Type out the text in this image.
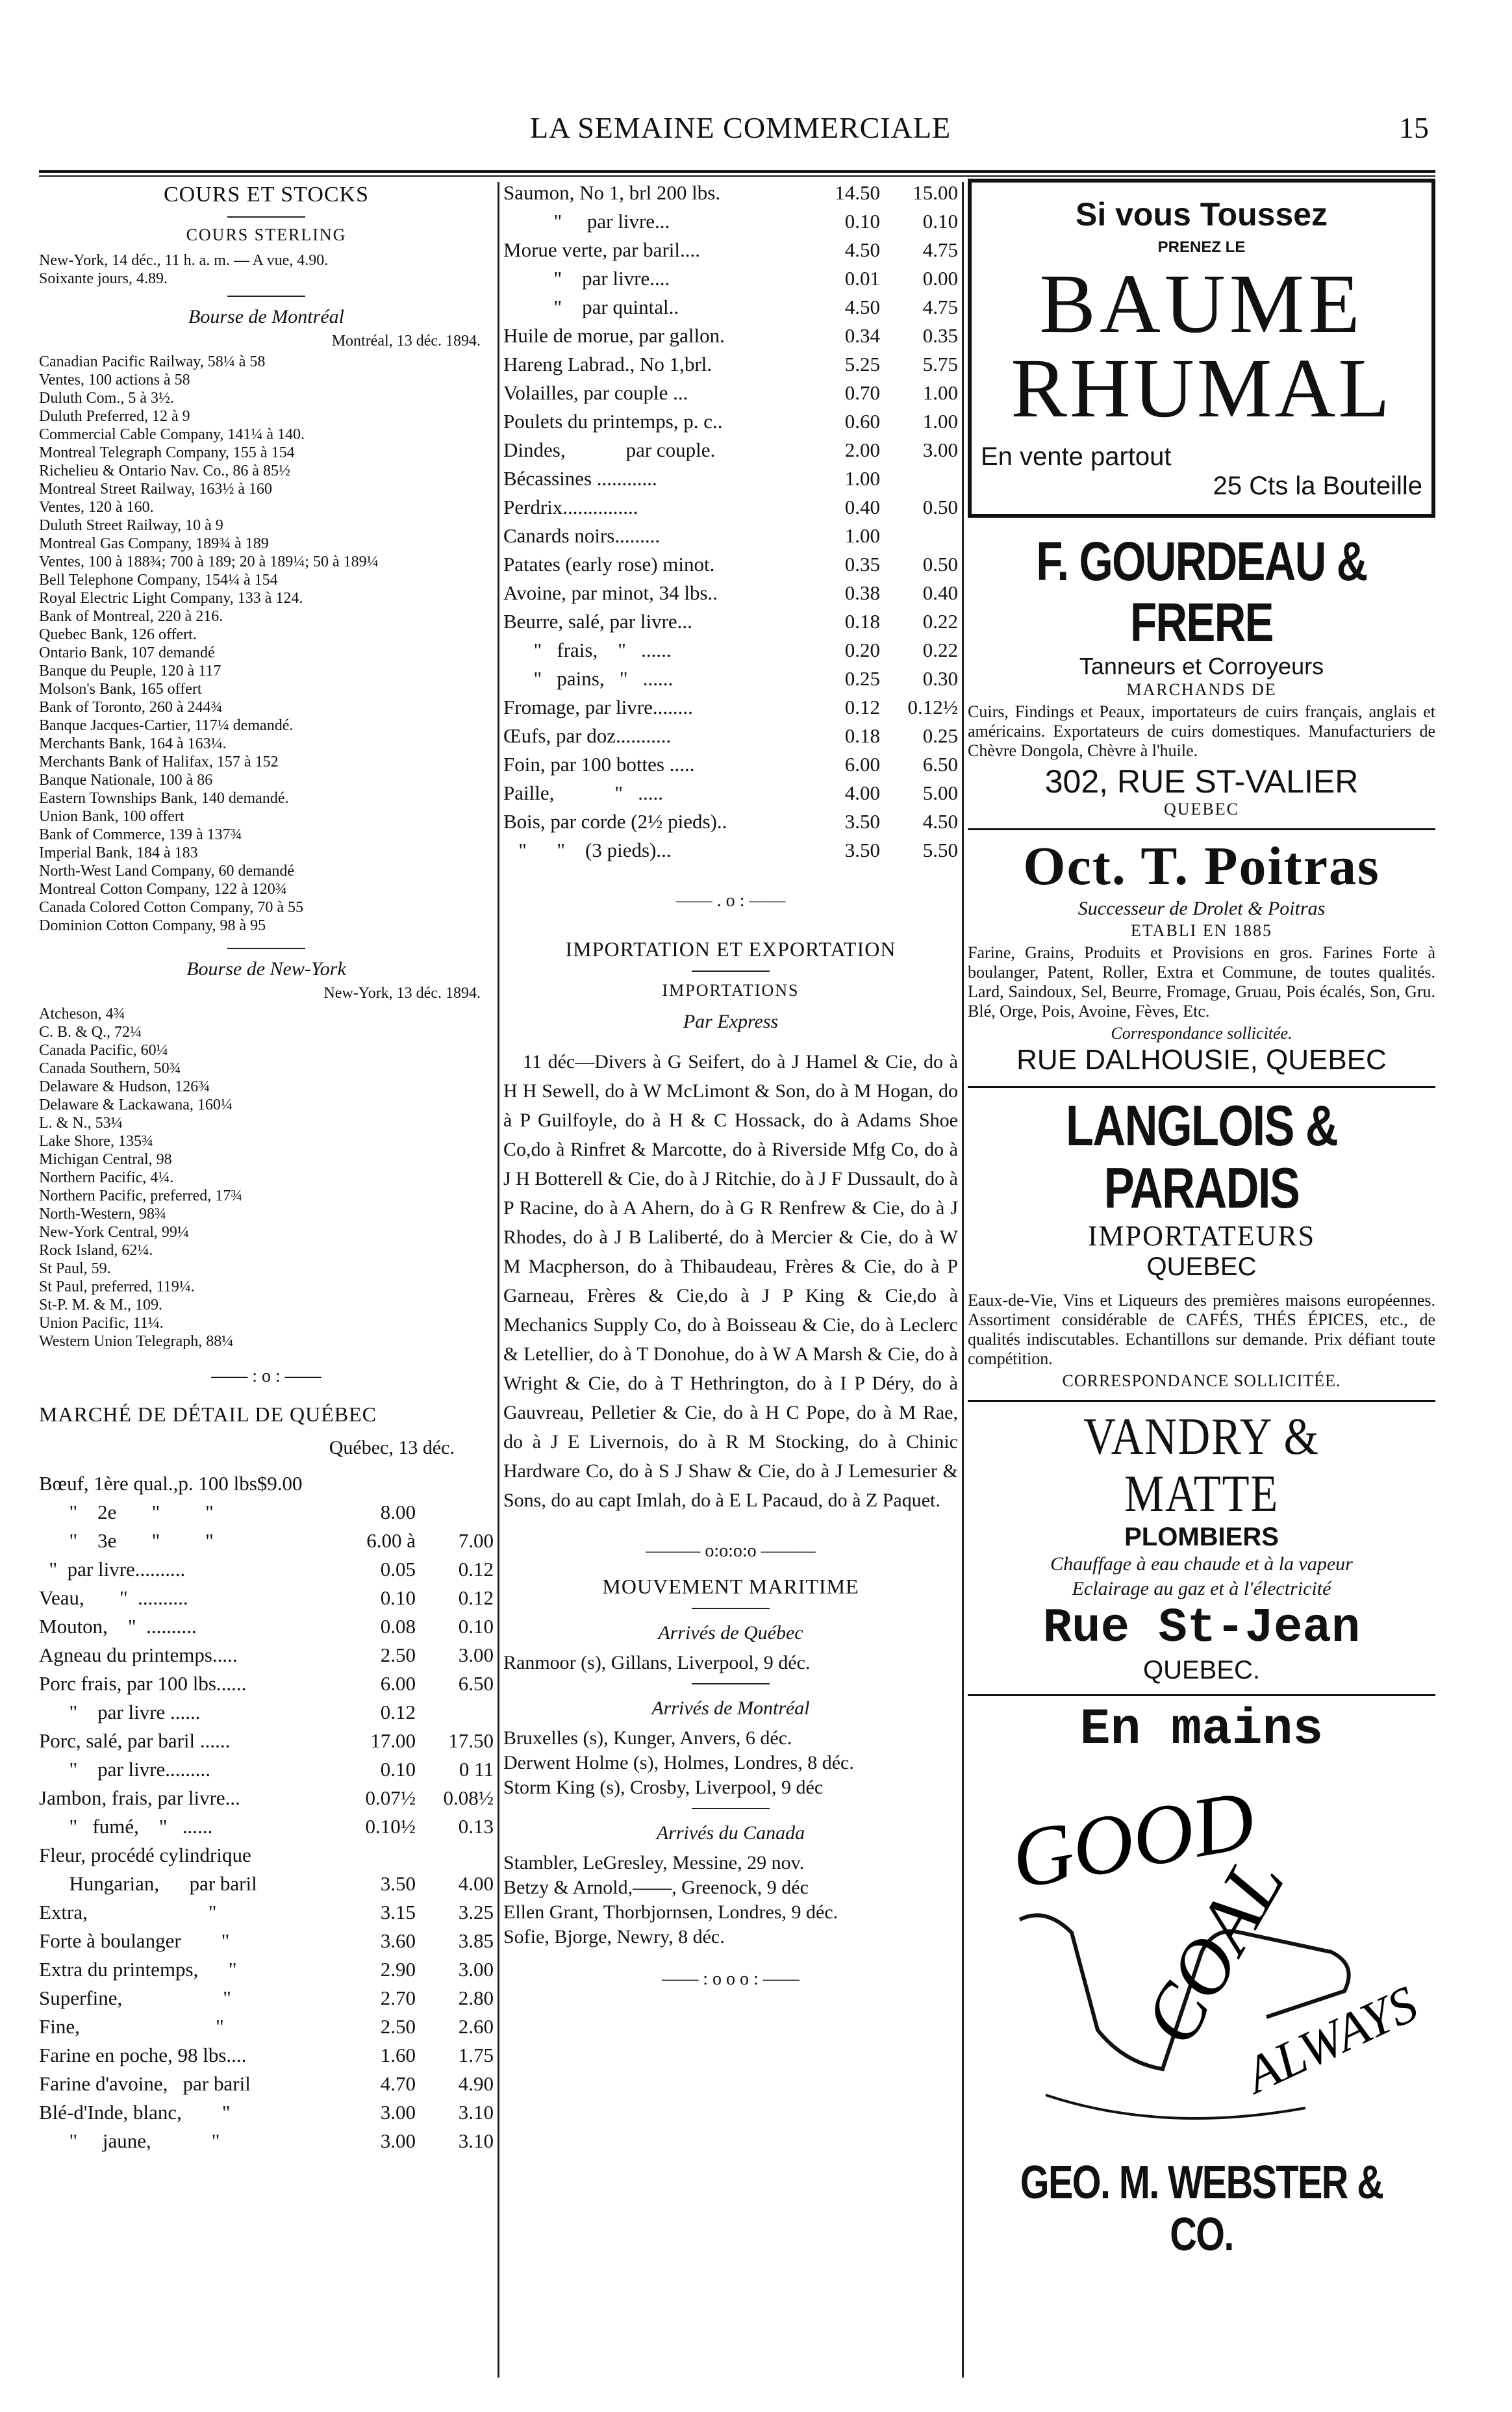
LA SEMAINE COMMERCIALE	15

COURS ET STOCKS

COURS STERLING

New-York, 14 déc., 11 h. a. m. — A vue, 4.90.
Soixante jours, 4.89.

Bourse de Montréal

Montréal, 13 déc. 1894.

Canadian Pacific Railway, 58¼ à 58
Ventes, 100 actions à 58
Duluth Com., 5 à 3½.
Duluth Preferred, 12 à 9
Commercial Cable Company, 141¼ à 140.
Montreal Telegraph Company, 155 à 154
Richelieu & Ontario Nav. Co., 86 à 85½
Montreal Street Railway, 163½ à 160
Ventes, 120 à 160.
Duluth Street Railway, 10 à 9
Montreal Gas Company, 189¾ à 189
Ventes, 100 à 188¾; 700 à 189; 20 à 189¼; 50 à 189¼
Bell Telephone Company, 154¼ à 154
Royal Electric Light Company, 133 à 124.
Bank of Montreal, 220 à 216.
Quebec Bank, 126 offert.
Ontario Bank, 107 demandé
Banque du Peuple, 120 à 117
Molson's Bank, 165 offert
Bank of Toronto, 260 à 244¾
Banque Jacques-Cartier, 117¼ demandé.
Merchants Bank, 164 à 163¼.
Merchants Bank of Halifax, 157 à 152
Banque Nationale, 100 à 86
Eastern Townships Bank, 140 demandé.
Union Bank, 100 offert
Bank of Commerce, 139 à 137¾
Imperial Bank, 184 à 183
North-West Land Company, 60 demandé
Montreal Cotton Company, 122 à 120¾
Canada Colored Cotton Company, 70 à 55
Dominion Cotton Company, 98 à 95

Bourse de New-York

New-York, 13 déc. 1894.

Atcheson, 4¾
C. B. & Q., 72¼
Canada Pacific, 60¼
Canada Southern, 50¾
Delaware & Hudson, 126¾
Delaware & Lackawana, 160¼
L. & N., 53¼
Lake Shore, 135¾
Michigan Central, 98
Northern Pacific, 4¼.
Northern Pacific, preferred, 17¾
North-Western, 98¾
New-York Central, 99¼
Rock Island, 62¼.
St Paul, 59.
St Paul, preferred, 119¼.
St-P. M. & M., 109.
Union Pacific, 11¼.
Western Union Telegraph, 88¼

—— : o : ——

MARCHÉ DE DÉTAIL DE QUÉBEC

Québec, 13 déc.

Bœuf, 1ère qual.,p. 100 lbs$9.00		
"    2e       "         "	8.00	
"    3e       "         "	6.00 à	7.00
"  par livre..........	0.05	0.12
Veau,       "  ..........	0.10	0.12
Mouton,    "  ..........	0.08	0.10
Agneau du printemps.....	2.50	3.00
Porc frais, par 100 lbs......	6.00	6.50
"    par livre ......	0.12	
Porc, salé, par baril ......	17.00	17.50
"    par livre.........	0.10	0 11
Jambon, frais, par livre...	0.07½	0.08½
"   fumé,    "   ......	0.10½	0.13
Fleur, procédé cylindrique		
Hungarian,      par baril	3.50	4.00
Extra,                        "	3.15	3.25
Forte à boulanger        "	3.60	3.85
Extra du printemps,      "	2.90	3.00
Superfine,                    "	2.70	2.80
Fine,                           "	2.50	2.60
Farine en poche, 98 lbs....	1.60	1.75
Farine d'avoine,   par baril	4.70	4.90
Blé-d'Inde, blanc,        "	3.00	3.10
"     jaune,            "	3.00	3.10
Saumon, No 1, brl 200 lbs.	14.50	15.00
"     par livre...	0.10	0.10
Morue verte, par baril....	4.50	4.75
"    par livre....	0.01	0.00
"    par quintal..	4.50	4.75
Huile de morue, par gallon.	0.34	0.35
Hareng Labrad., No 1,brl.	5.25	5.75
Volailles, par couple ...	0.70	1.00
Poulets du printemps, p. c..	0.60	1.00
Dindes,            par couple.	2.00	3.00
Bécassines ............	1.00	
Perdrix...............	0.40	0.50
Canards noirs.........	1.00	
Patates (early rose) minot.	0.35	0.50
Avoine, par minot, 34 lbs..	0.38	0.40
Beurre, salé, par livre...	0.18	0.22
"   frais,    "   ......	0.20	0.22
"   pains,   "   ......	0.25	0.30
Fromage, par livre........	0.12	0.12½
Œufs, par doz...........	0.18	0.25
Foin, par 100 bottes .....	6.00	6.50
Paille,            "   .....	4.00	5.00
Bois, par corde (2½ pieds)..	3.50	4.50
"      "    (3 pieds)...	3.50	5.50

—— . o : ——

IMPORTATION ET EXPORTATION

IMPORTATIONS

Par Express

11 déc—Divers à G Seifert, do à J Hamel & Cie, do à H H Sewell, do à W McLimont & Son, do à M Hogan, do à P Guilfoyle, do à H & C Hossack, do à Adams Shoe Co,do à Rinfret & Marcotte, do à Riverside Mfg Co, do à J H Botterell & Cie, do à J Ritchie, do à J F Dussault, do à P Racine, do à A Ahern, do à G R Renfrew & Cie, do à J Rhodes, do à J B Laliberté, do à Mercier & Cie, do à W M Macpherson, do à Thibaudeau, Frères & Cie, do à P Garneau, Frères & Cie,do à J P King & Cie,do à Mechanics Supply Co, do à Boisseau & Cie, do à Leclerc & Letellier, do à T Donohue, do à W A Marsh & Cie, do à Wright & Cie, do à T Hethrington, do à I P Déry, do à Gauvreau, Pelletier & Cie, do à H C Pope, do à M Rae, do à J E Livernois, do à R M Stocking, do à Chinic Hardware Co, do à S J Shaw & Cie, do à J Lemesurier & Sons, do au capt Imlah, do à E L Pacaud, do à Z Paquet.

——— o:o:o:o ———

MOUVEMENT MARITIME

Arrivés de Québec

Ranmoor (s), Gillans, Liverpool, 9 déc.

Arrivés de Montréal

Bruxelles (s), Kunger, Anvers, 6 déc.
Derwent Holme (s), Holmes, Londres, 8 déc.
Storm King (s), Crosby, Liverpool, 9 déc

Arrivés du Canada

Stambler, LeGresley, Messine, 29 nov.
Betzy & Arnold,——, Greenock, 9 déc
Ellen Grant, Thorbjornsen, Londres, 9 déc.
Sofie, Bjorge, Newry, 8 déc.

—— : o o o : ——

Si vous Toussez
PRENEZ LE
BAUME
RHUMAL
En vente partout
25 Cts la Bouteille
F. GOURDEAU & FRERE
Tanneurs et Corroyeurs
MARCHANDS DE

Cuirs, Findings et Peaux, importateurs de cuirs français, anglais et américains. Exportateurs de cuirs domestiques. Manufacturiers de Chèvre Dongola, Chèvre à l'huile.

302, RUE ST-VALIER
QUEBEC
Oct. T. Poitras
Successeur de Drolet & Poitras
ETABLI EN 1885

Farine, Grains, Produits et Provisions en gros. Farines Forte à boulanger, Patent, Roller, Extra et Commune, de toutes qualités. Lard, Saindoux, Sel, Beurre, Fromage, Gruau, Pois écalés, Son, Gru. Blé, Orge, Pois, Avoine, Fèves, Etc.

Correspondance sollicitée.
RUE DALHOUSIE, QUEBEC
LANGLOIS & PARADIS
IMPORTATEURS
QUEBEC

Eaux-de-Vie, Vins et Liqueurs des premières maisons européennes. Assortiment considérable de CAFÉS, THÉS ÉPICES, etc., de qualités indiscutables. Echantillons sur demande. Prix défiant toute compétition.

CORRESPONDANCE SOLLICITÉE.
VANDRY & MATTE
PLOMBIERS
Chauffage à eau chaude et à la vapeur
Eclairage au gaz et à l'électricité
Rue St-Jean
QUEBEC.
En mains
GOOD
COAL
ALWAYS
GEO. M. WEBSTER & CO.
